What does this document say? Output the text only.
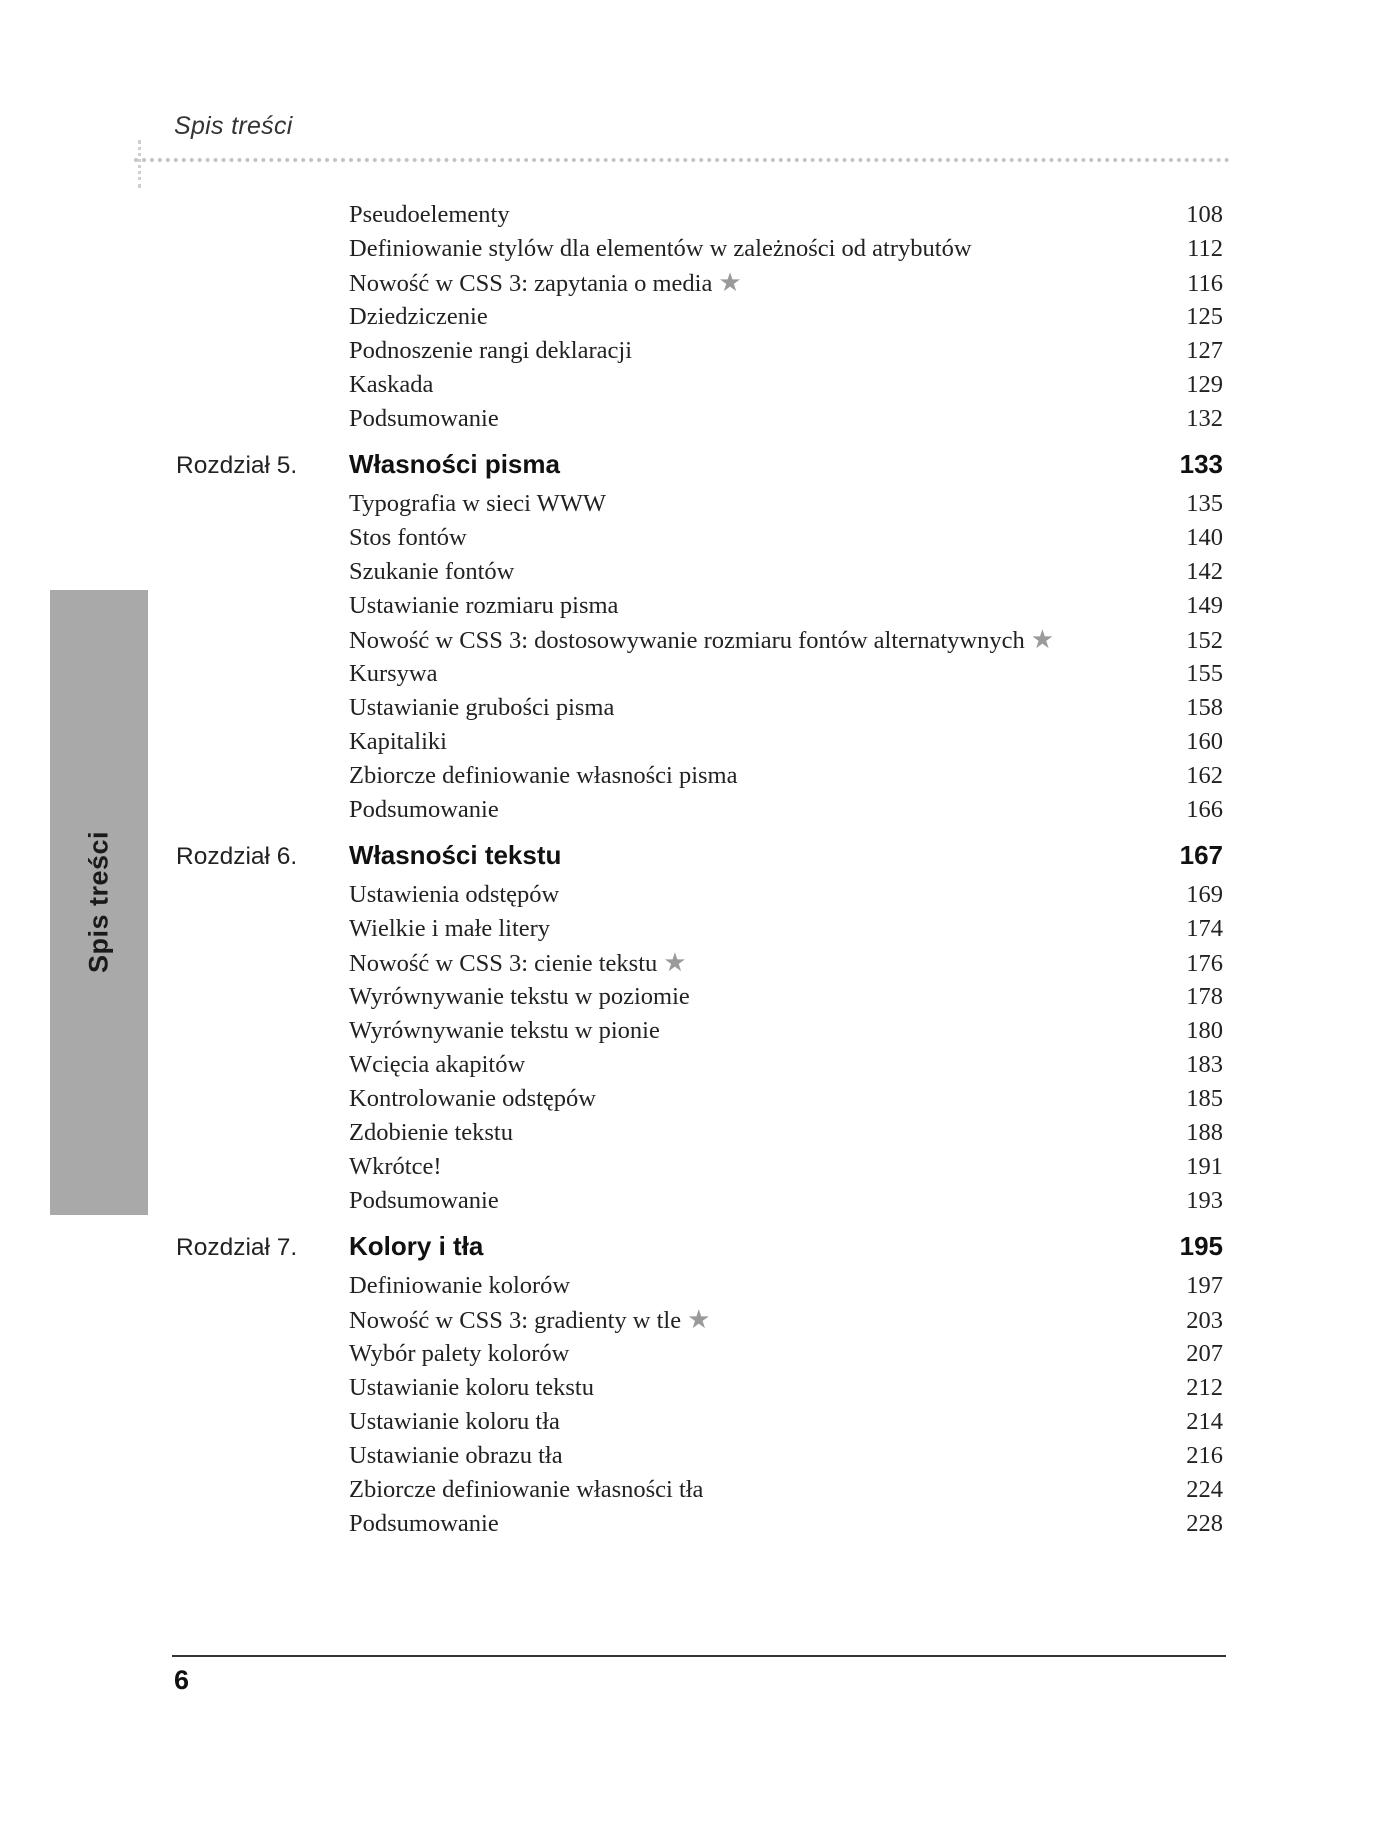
Spis treści
Spis treści
Pseudoelementy	108
Definiowanie stylów dla elementów w zależności od atrybutów	112
Nowość w CSS 3: zapytania o media ★	116
Dziedziczenie	125
Podnoszenie rangi deklaracji	127
Kaskada	129
Podsumowanie	132
Rozdział 5.	Własności pisma	133
Typografia w sieci WWW	135
Stos fontów	140
Szukanie fontów	142
Ustawianie rozmiaru pisma	149
Nowość w CSS 3: dostosowywanie rozmiaru fontów alternatywnych ★	152
Kursywa	155
Ustawianie grubości pisma	158
Kapitaliki	160
Zbiorcze definiowanie własności pisma	162
Podsumowanie	166
Rozdział 6.	Własności tekstu	167
Ustawienia odstępów	169
Wielkie i małe litery	174
Nowość w CSS 3: cienie tekstu ★	176
Wyrównywanie tekstu w poziomie	178
Wyrównywanie tekstu w pionie	180
Wcięcia akapitów	183
Kontrolowanie odstępów	185
Zdobienie tekstu	188
Wkrótce!	191
Podsumowanie	193
Rozdział 7.	Kolory i tła	195
Definiowanie kolorów	197
Nowość w CSS 3: gradienty w tle ★	203
Wybór palety kolorów	207
Ustawianie koloru tekstu	212
Ustawianie koloru tła	214
Ustawianie obrazu tła	216
Zbiorcze definiowanie własności tła	224
Podsumowanie	228
6
